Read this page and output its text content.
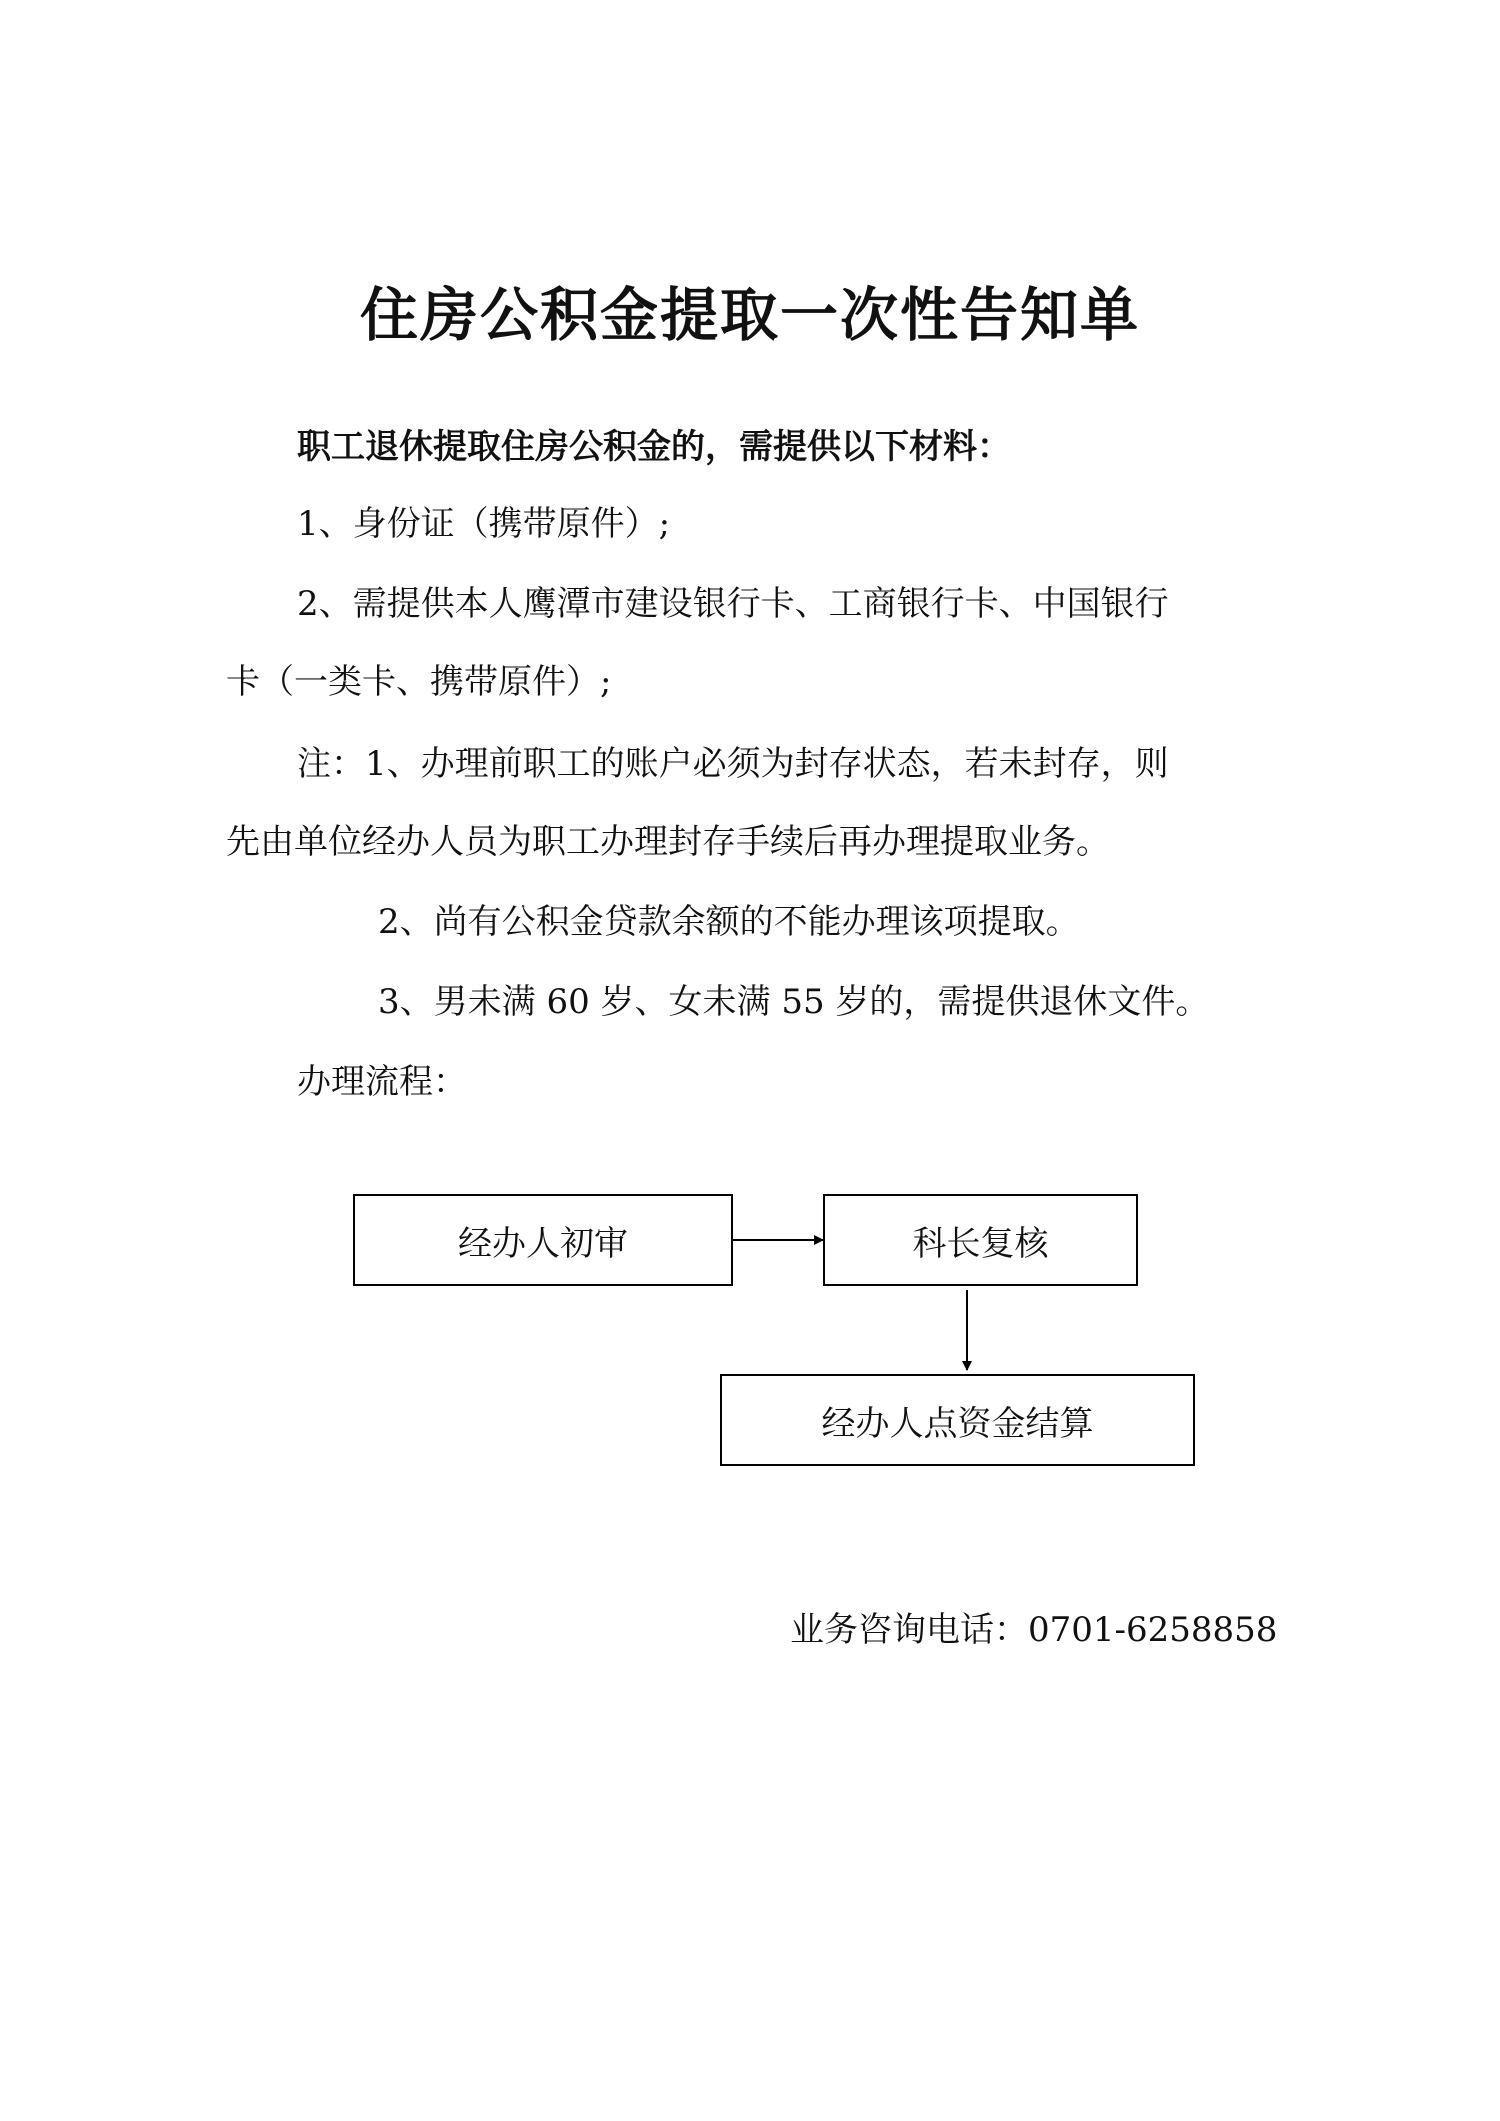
住房公积金提取一次性告知单
职工退休提取住房公积金的，需提供以下材料：
1、身份证（携带原件）;
2、需提供本人鹰潭市建设银行卡、工商银行卡、中国银行
卡（一类卡、携带原件）;
注：1、办理前职工的账户必须为封存状态，若未封存，则
先由单位经办人员为职工办理封存手续后再办理提取业务。
2、尚有公积金贷款余额的不能办理该项提取。
3、男未满 60 岁、女未满 55 岁的，需提供退休文件。
办理流程：
经办人初审	科长复核
经办人点资金结算
业务咨询电话：0701-6258858
